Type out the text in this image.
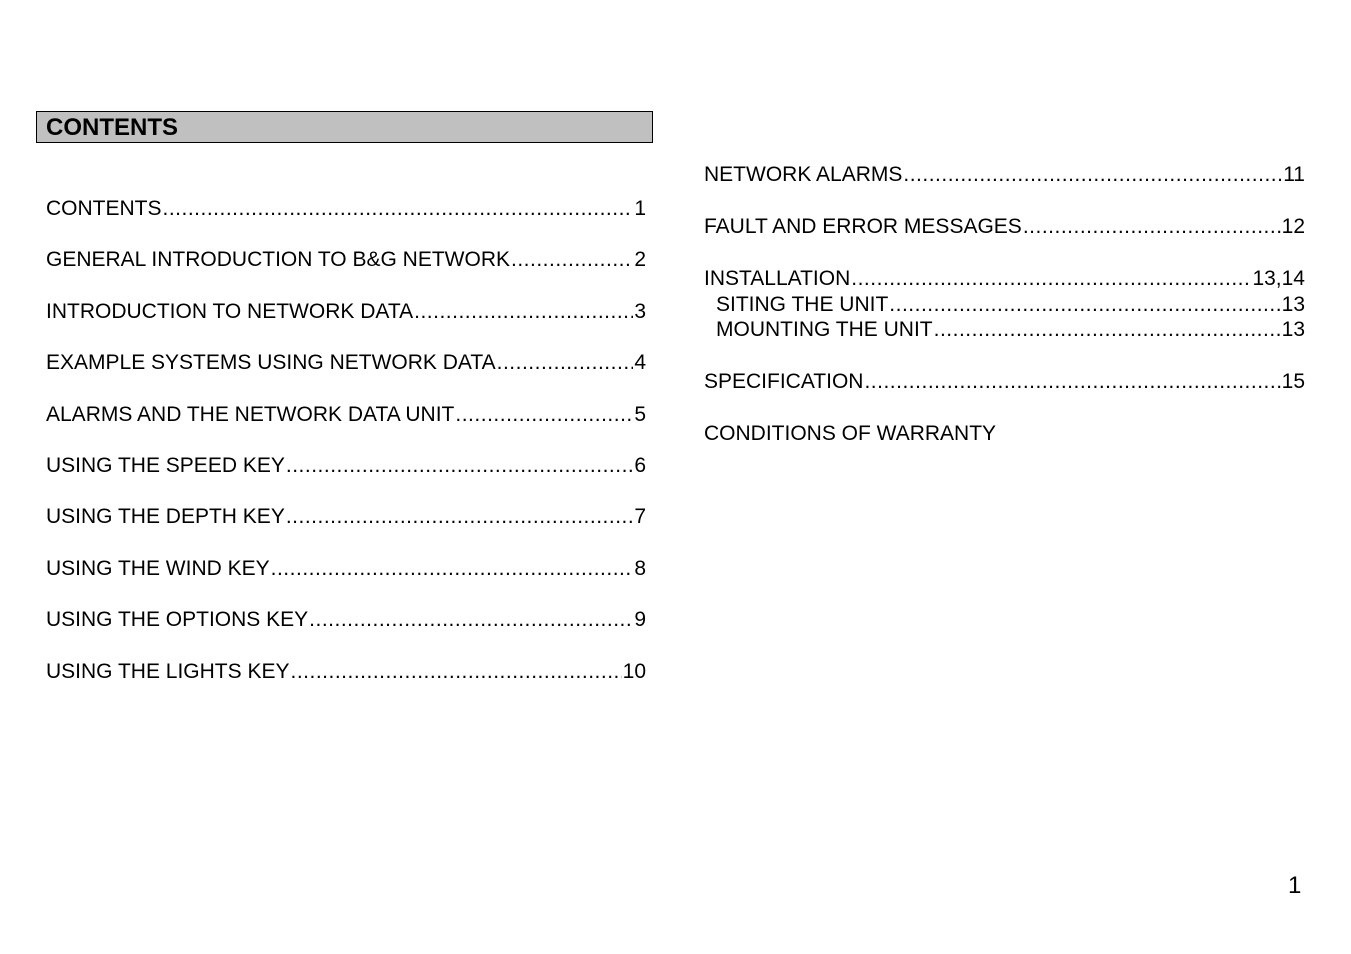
CONTENTS
CONTENTS .....	1
GENERAL INTRODUCTION TO B&G NETWORK .....	2
INTRODUCTION TO NETWORK DATA .....	3
EXAMPLE SYSTEMS USING NETWORK DATA .....	4
ALARMS AND THE NETWORK DATA UNIT .....	5
USING THE SPEED KEY .....	6
USING THE DEPTH KEY .....	7
USING THE WIND KEY .....	8
USING THE OPTIONS KEY .....	9
USING THE LIGHTS KEY .....	10
NETWORK ALARMS .....	11
FAULT AND ERROR MESSAGES .....	12
INSTALLATION .....	13,14
SITING THE UNIT .....	13
MOUNTING THE UNIT .....	13
SPECIFICATION .....	15
CONDITIONS OF WARRANTY
1
